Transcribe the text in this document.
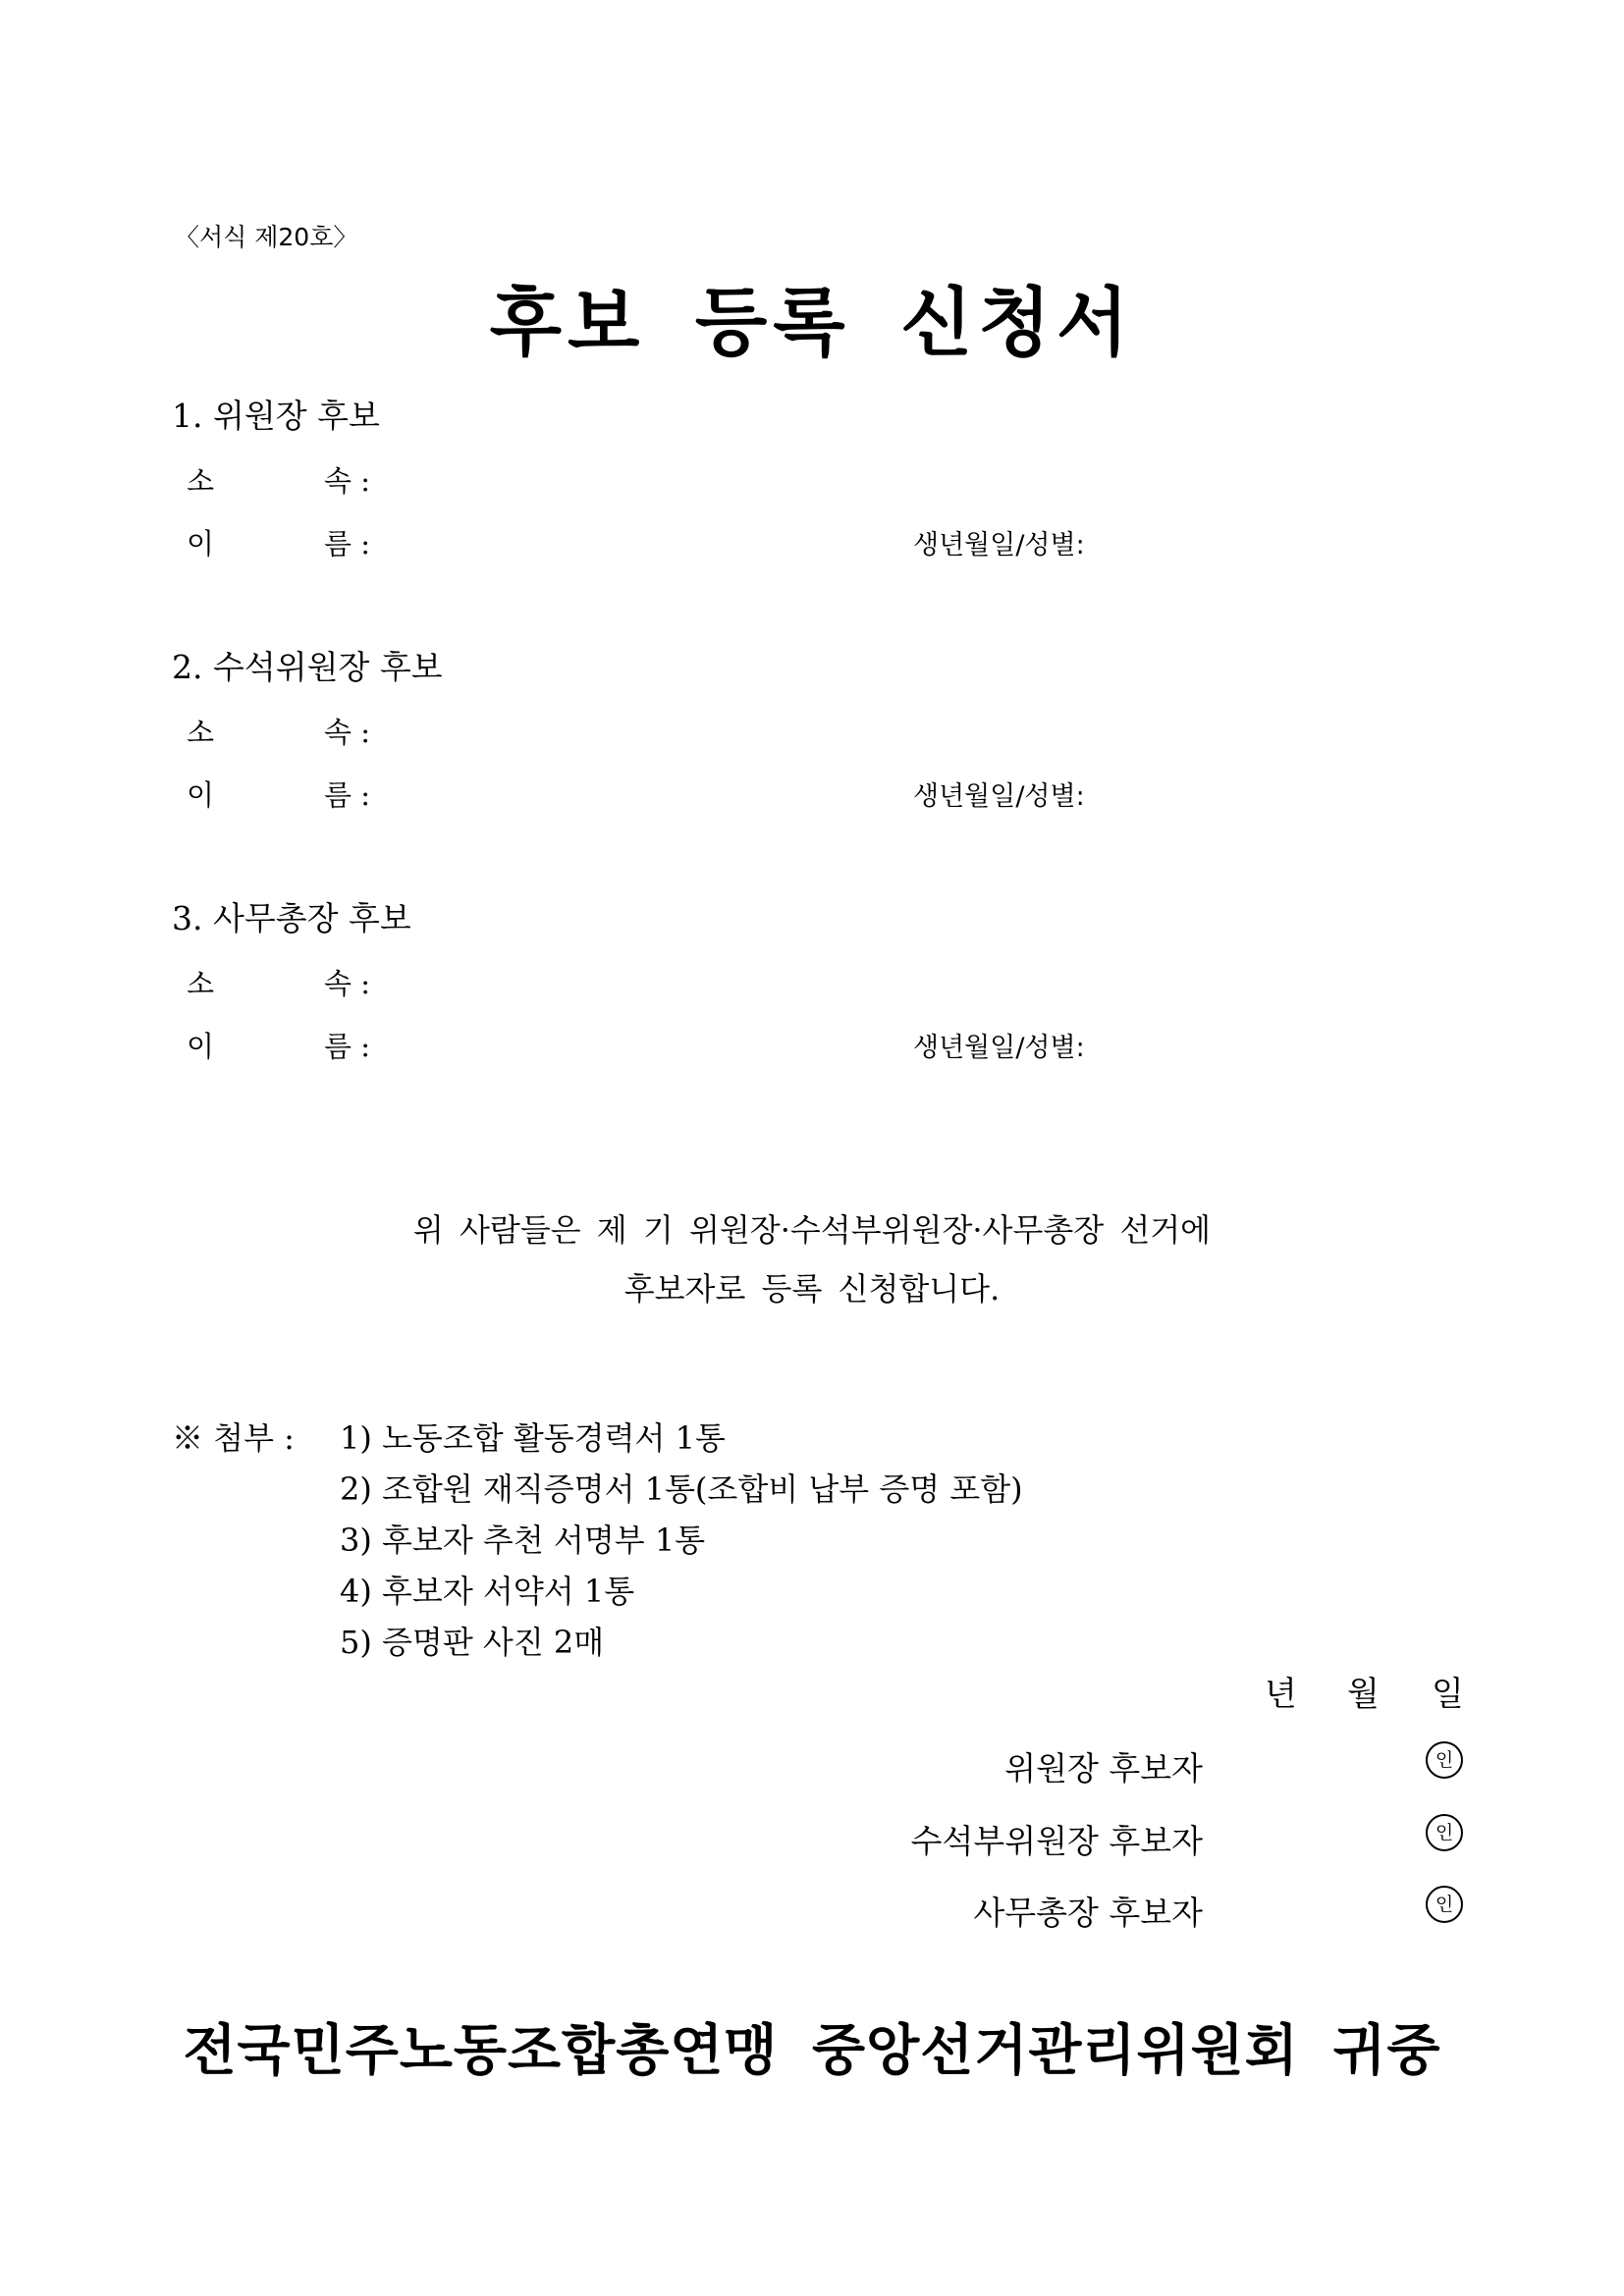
〈서식 제20호〉
후보 등록 신청서
1. 위원장 후보
소	속 :
이	름 :	생년월일/성별:
2. 수석위원장 후보
소	속 :
이	름 :	생년월일/성별:
3. 사무총장 후보
소	속 :
이	름 :	생년월일/성별:
위 사람들은 제 기 위원장·수석부위원장·사무총장 선거에
후보자로 등록 신청합니다.
※ 첨부 : 1) 노동조합 활동경력서 1통
2) 조합원 재직증명서 1통(조합비 납부 증명 포함)
3) 후보자 추천 서명부 1통
4) 후보자 서약서 1통
5) 증명판 사진 2매
년 월 일
위원장 후보자	인
수석부위원장 후보자	인
사무총장 후보자	인
전국민주노동조합총연맹 중앙선거관리위원회 귀중
